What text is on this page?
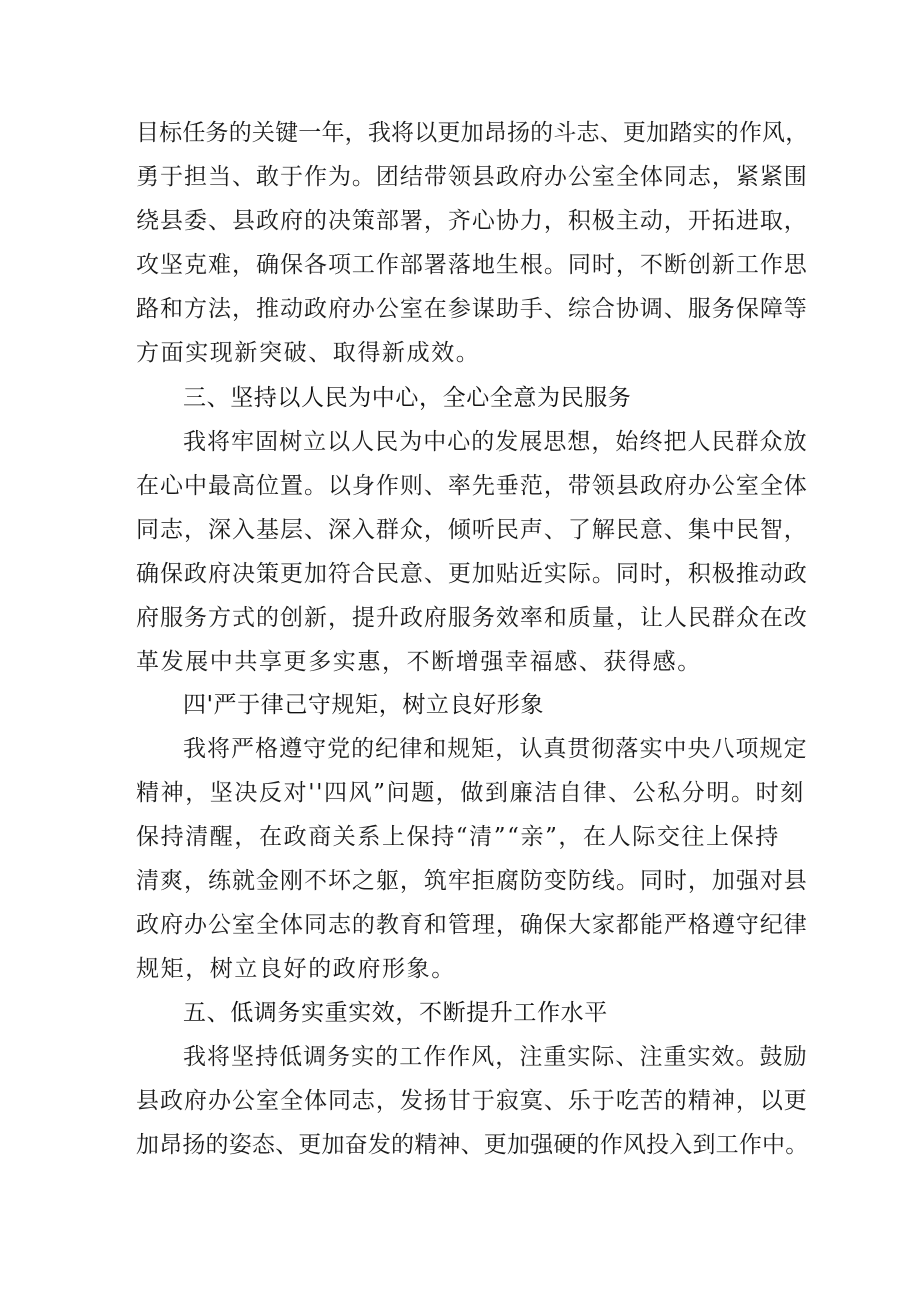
目标任务的关键一年，我将以更加昂扬的斗志、更加踏实的作风，
勇于担当、敢于作为。团结带领县政府办公室全体同志，紧紧围
绕县委、县政府的决策部署，齐心协力，积极主动，开拓进取，
攻坚克难，确保各项工作部署落地生根。同时，不断创新工作思
路和方法，推动政府办公室在参谋助手、综合协调、服务保障等
方面实现新突破、取得新成效。
三、坚持以人民为中心，全心全意为民服务
我将牢固树立以人民为中心的发展思想，始终把人民群众放
在心中最高位置。以身作则、率先垂范，带领县政府办公室全体
同志，深入基层、深入群众，倾听民声、了解民意、集中民智，
确保政府决策更加符合民意、更加贴近实际。同时，积极推动政
府服务方式的创新，提升政府服务效率和质量，让人民群众在改
革发展中共享更多实惠，不断增强幸福感、获得感。
四'严于律己守规矩，树立良好形象
我将严格遵守党的纪律和规矩，认真贯彻落实中央八项规定
精神，坚决反对''四风”问题，做到廉洁自律、公私分明。时刻
保持清醒，在政商关系上保持“清”“亲”，在人际交往上保持
清爽，练就金刚不坏之躯，筑牢拒腐防变防线。同时，加强对县
政府办公室全体同志的教育和管理，确保大家都能严格遵守纪律
规矩，树立良好的政府形象。
五、低调务实重实效，不断提升工作水平
我将坚持低调务实的工作作风，注重实际、注重实效。鼓励
县政府办公室全体同志，发扬甘于寂寞、乐于吃苦的精神，以更
加昂扬的姿态、更加奋发的精神、更加强硬的作风投入到工作中。
